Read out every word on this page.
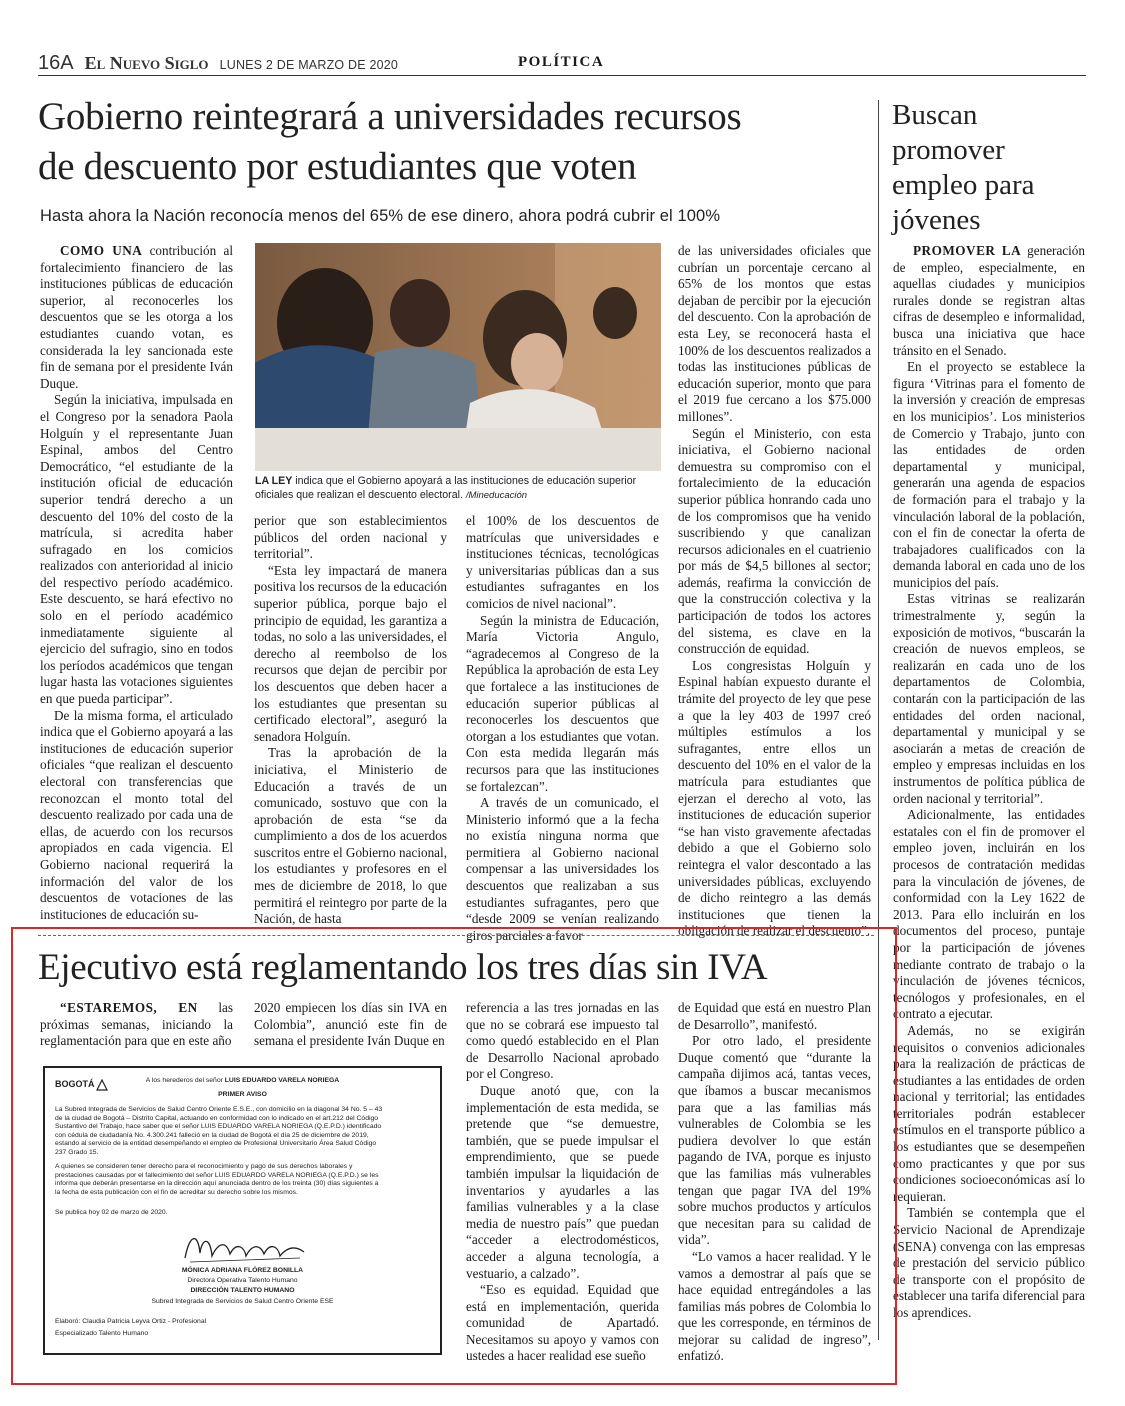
16A El Nuevo Siglo LUNES 2 DE MARZO DE 2020	POLÍTICA
Gobierno reintegrará a universidades recursos
de descuento por estudiantes que voten
Hasta ahora la Nación reconocía menos del 65% de ese dinero, ahora podrá cubrir el 100%

COMO UNA contribución al fortalecimiento financiero de las instituciones públicas de educación superior, al reconocerles los descuentos que se les otorga a los estudiantes cuando votan, es considerada la ley sancionada este fin de semana por el presidente Iván Duque.

Según la iniciativa, impulsada en el Congreso por la senadora Paola Holguín y el representante Juan Espinal, ambos del Centro Democrático, “el estudiante de la institución oficial de educación superior tendrá derecho a un descuento del 10% del costo de la matrícula, si acredita haber sufragado en los comicios realizados con anterioridad al inicio del respectivo período académico. Este descuento, se hará efectivo no solo en el período académico inmediatamente siguiente al ejercicio del sufragio, sino en todos los períodos académicos que tengan lugar hasta las votaciones siguientes en que pueda participar”.

De la misma forma, el articulado indica que el Gobierno apoyará a las instituciones de educación superior oficiales “que realizan el descuento electoral con transferencias que reconozcan el monto total del descuento realizado por cada una de ellas, de acuerdo con los recursos apropiados en cada vigencia. El Gobierno nacional requerirá la información del valor de los descuentos de votaciones de las instituciones de educación su-

LA LEY indica que el Gobierno apoyará a las instituciones de educación superior oficiales que realizan el descuento electoral. /Mineducación

perior que son establecimientos públicos del orden nacional y territorial”.

“Esta ley impactará de manera positiva los recursos de la educación superior pública, porque bajo el principio de equidad, les garantiza a todas, no solo a las universidades, el derecho al reembolso de los recursos que dejan de percibir por los descuentos que deben hacer a los estudiantes que presentan su certificado electoral”, aseguró la senadora Holguín.

Tras la aprobación de la iniciativa, el Ministerio de Educación a través de un comunicado, sostuvo que con la aprobación de esta “se da cumplimiento a dos de los acuerdos suscritos entre el Gobierno nacional, los estudiantes y profesores en el mes de diciembre de 2018, lo que permitirá el reintegro por parte de la Nación, de hasta

el 100% de los descuentos de matrículas que universidades e instituciones técnicas, tecnológicas y universitarias públicas dan a sus estudiantes sufragantes en los comicios de nivel nacional”.

Según la ministra de Educación, María Victoria Angulo, “agradecemos al Congreso de la República la aprobación de esta Ley que fortalece a las instituciones de educación superior públicas al reconocerles los descuentos que otorgan a los estudiantes que votan. Con esta medida llegarán más recursos para que las instituciones se fortalezcan”.

A través de un comunicado, el Ministerio informó que a la fecha no existía ninguna norma que permitiera al Gobierno nacional compensar a las universidades los descuentos que realizaban a sus estudiantes sufragantes, pero que “desde 2009 se venían realizando giros parciales a favor

de las universidades oficiales que cubrían un porcentaje cercano al 65% de los montos que estas dejaban de percibir por la ejecución del descuento. Con la aprobación de esta Ley, se reconocerá hasta el 100% de los descuentos realizados a todas las instituciones públicas de educación superior, monto que para el 2019 fue cercano a los $75.000 millones”.

Según el Ministerio, con esta iniciativa, el Gobierno nacional demuestra su compromiso con el fortalecimiento de la educación superior pública honrando cada uno de los compromisos que ha venido suscribiendo y que canalizan recursos adicionales en el cuatrienio por más de $4,5 billones al sector; además, reafirma la convicción de que la construcción colectiva y la participación de todos los actores del sistema, es clave en la construcción de equidad.

Los congresistas Holguín y Espinal habían expuesto durante el trámite del proyecto de ley que pese a que la ley 403 de 1997 creó múltiples estímulos a los sufragantes, entre ellos un descuento del 10% en el valor de la matrícula para estudiantes que ejerzan el derecho al voto, las instituciones de educación superior “se han visto gravemente afectadas debido a que el Gobierno solo reintegra el valor descontado a las universidades públicas, excluyendo de dicho reintegro a las demás instituciones que tienen la obligación de realizar el descuento”.

Buscan
promover
empleo para
jóvenes

PROMOVER LA generación de empleo, especialmente, en aquellas ciudades y municipios rurales donde se registran altas cifras de desempleo e informalidad, busca una iniciativa que hace tránsito en el Senado.

En el proyecto se establece la figura ‘Vitrinas para el fomento de la inversión y creación de empresas en los municipios’. Los ministerios de Comercio y Trabajo, junto con las entidades de orden departamental y municipal, generarán una agenda de espacios de formación para el trabajo y la vinculación laboral de la población, con el fin de conectar la oferta de trabajadores cualificados con la demanda laboral en cada uno de los municipios del país.

Estas vitrinas se realizarán trimestralmente y, según la exposición de motivos, “buscarán la creación de nuevos empleos, se realizarán en cada uno de los departamentos de Colombia, contarán con la participación de las entidades del orden nacional, departamental y municipal y se asociarán a metas de creación de empleo y empresas incluidas en los instrumentos de política pública de orden nacional y territorial”.

Adicionalmente, las entidades estatales con el fin de promover el empleo joven, incluirán en los procesos de contratación medidas para la vinculación de jóvenes, de conformidad con la Ley 1622 de 2013. Para ello incluirán en los documentos del proceso, puntaje por la participación de jóvenes mediante contrato de trabajo o la vinculación de jóvenes técnicos, tecnólogos y profesionales, en el contrato a ejecutar.

Además, no se exigirán requisitos o convenios adicionales para la realización de prácticas de estudiantes a las entidades de orden nacional y territorial; las entidades territoriales podrán establecer estímulos en el transporte público a los estudiantes que se desempeñen como practicantes y que por sus condiciones socioeconómicas así lo requieran.

También se contempla que el Servicio Nacional de Aprendizaje (SENA) convenga con las empresas de prestación del servicio público de transporte con el propósito de establecer una tarifa diferencial para los aprendices.

Ejecutivo está reglamentando los tres días sin IVA

“ESTAREMOS, EN las próximas semanas, iniciando la reglamentación para que en este año

2020 empiecen los días sin IVA en Colombia”, anunció este fin de semana el presidente Iván Duque en

referencia a las tres jornadas en las que no se cobrará ese impuesto tal como quedó establecido en el Plan de Desarrollo Nacional aprobado por el Congreso.

Duque anotó que, con la implementación de esta medida, se pretende que “se demuestre, también, que se puede impulsar el emprendimiento, que se puede también impulsar la liquidación de inventarios y ayudarles a las familias vulnerables y a la clase media de nuestro país” que puedan “acceder a electrodomésticos, acceder a alguna tecnología, a vestuario, a calzado”.

“Eso es equidad. Equidad que está en implementación, querida comunidad de Apartadó. Necesitamos su apoyo y vamos con ustedes a hacer realidad ese sueño

de Equidad que está en nuestro Plan de Desarrollo”, manifestó.

Por otro lado, el presidente Duque comentó que “durante la campaña dijimos acá, tantas veces, que íbamos a buscar mecanismos para que a las familias más vulnerables de Colombia se les pudiera devolver lo que están pagando de IVA, porque es injusto que las familias más vulnerables tengan que pagar IVA del 19% sobre muchos productos y artículos que necesitan para su calidad de vida”.

“Lo vamos a hacer realidad. Y le vamos a demostrar al país que se hace equidad entregándoles a las familias más pobres de Colombia lo que les corresponde, en términos de mejorar su calidad de ingreso”, enfatizó.

BOGOTÁ	A los herederos del señor LUIS EDUARDO VARELA NORIEGA
PRIMER AVISO
La Subred Integrada de Servicios de Salud Centro Oriente E.S.E., con domicilio en la diagonal 34 No. 5 – 43
de la ciudad de Bogotá – Distrito Capital, actuando en conformidad con lo indicado en el art.212 del Código
Sustantivo del Trabajo, hace saber que el señor LUIS EDUARDO VARELA NORIEGA (Q.E.P.D.) identificado
con cédula de ciudadanía No. 4.300.241 falleció en la ciudad de Bogotá el día 25 de diciembre de 2019,
estando al servicio de la entidad desempeñando el empleo de Profesional Universitario Área Salud Código
237 Grado 15.
A quienes se consideren tener derecho para el reconocimiento y pago de sus derechos laborales y
prestaciones causadas por el fallecimiento del señor LUIS EDUARDO VARELA NORIEGA (Q.E.P.D.) se les
informa que deberán presentarse en la dirección aquí anunciada dentro de los treinta (30) días siguientes a
la fecha de esta publicación con el fin de acreditar su derecho sobre los mismos.
Se publica hoy 02 de marzo de 2020.
MÓNICA ADRIANA FLÓREZ BONILLA
Directora Operativa Talento Humano
DIRECCIÓN TALENTO HUMANO
Subred Integrada de Servicios de Salud Centro Oriente ESE
Elaboró: Claudia Patricia Leyva Ortiz - Profesional
Especializado Talento Humano
